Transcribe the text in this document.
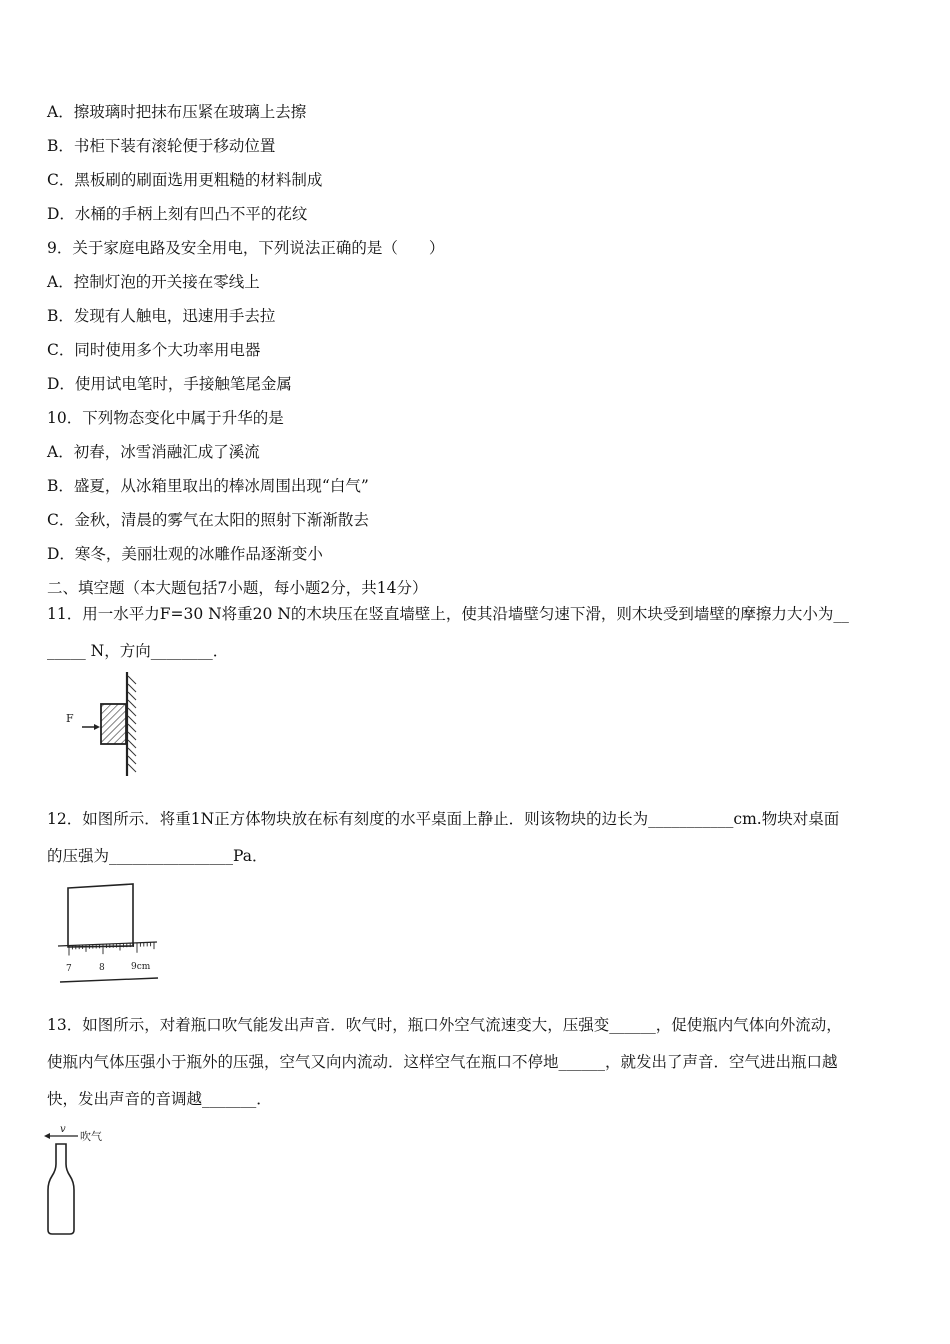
A．擦玻璃时把抹布压紧在玻璃上去擦
B．书柜下装有滚轮便于移动位置
C．黑板刷的刷面选用更粗糙的材料制成
D．水桶的手柄上刻有凹凸不平的花纹
9．关于家庭电路及安全用电，下列说法正确的是（　　）
A．控制灯泡的开关接在零线上
B．发现有人触电，迅速用手去拉
C．同时使用多个大功率用电器
D．使用试电笔时，手接触笔尾金属
10．下列物态变化中属于升华的是
A．初春，冰雪消融汇成了溪流
B．盛夏，从冰箱里取出的棒冰周围出现“白气”
C．金秋，清晨的雾气在太阳的照射下渐渐散去
D．寒冬，美丽壮观的冰雕作品逐渐变小
二、填空题（本大题包括7小题，每小题2分，共14分）
11．用一水平力F=30 N将重20 N的木块压在竖直墙壁上，使其沿墙壁匀速下滑，则木块受到墙壁的摩擦力大小为__
_____ N，方向________．
F
12．如图所示．将重1N正方体物块放在标有刻度的水平桌面上静止．则该物块的边长为___________cm.物块对桌面
的压强为________________Pa．
7	8	9cm
13．如图所示，对着瓶口吹气能发出声音．吹气时，瓶口外空气流速变大，压强变______，促使瓶内气体向外流动，
使瓶内气体压强小于瓶外的压强，空气又向内流动．这样空气在瓶口不停地______，就发出了声音．空气进出瓶口越
快，发出声音的音调越_______．
v
吹气
